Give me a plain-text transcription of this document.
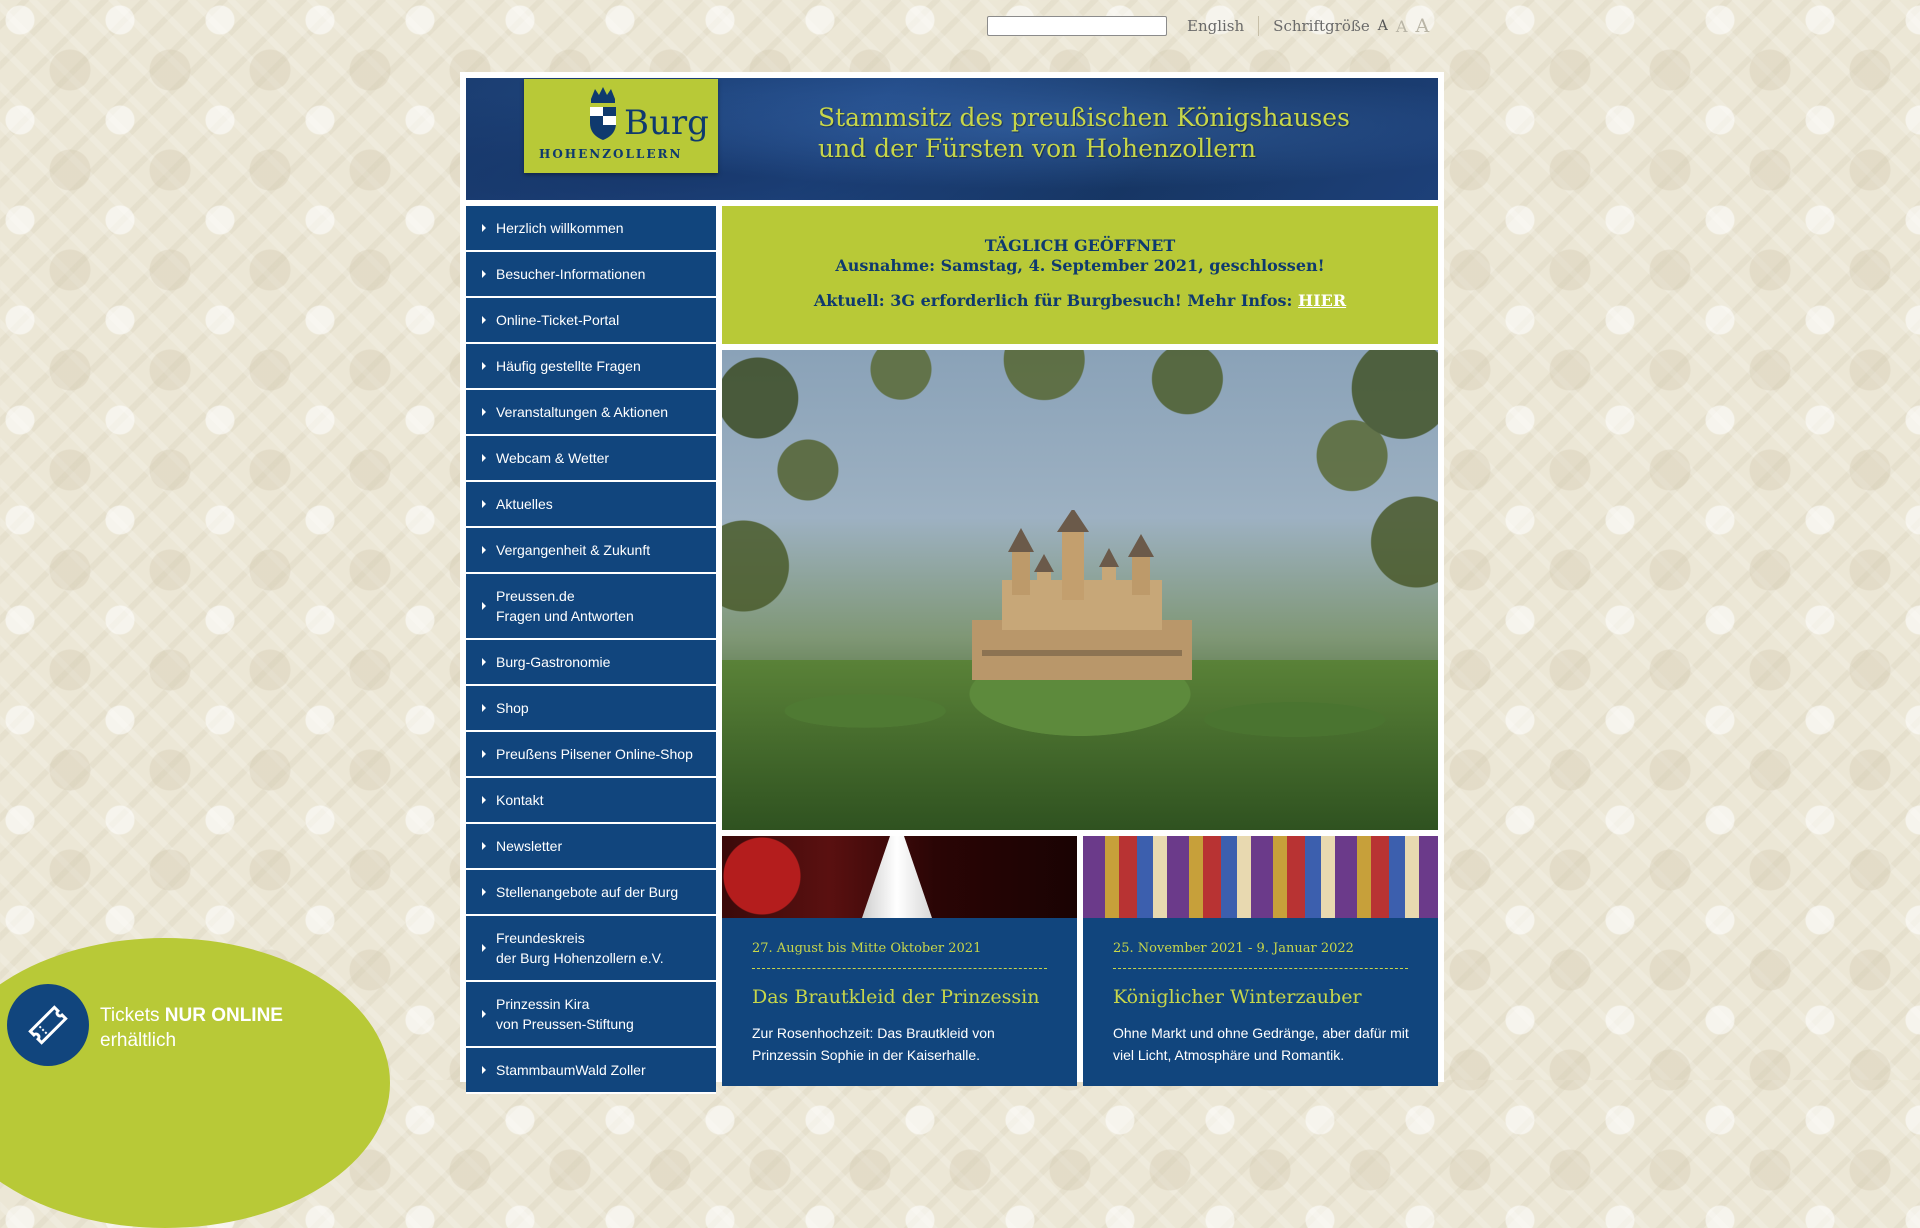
English Schriftgröße A A A
Burg
HOHENZOLLERN
Stammsitz des preußischen Königshauses
und der Fürsten von Hohenzollern
Herzlich willkommen
Besucher-Informationen
Online-Ticket-Portal
Häufig gestellte Fragen
Veranstaltungen & Aktionen
Webcam & Wetter
Aktuelles
Vergangenheit & Zukunft
Preussen.de
Fragen und Antworten
Burg-Gastronomie
Shop
Preußens Pilsener Online-Shop
Kontakt
Newsletter
Stellenangebote auf der Burg
Freundeskreis
der Burg Hohenzollern e.V.
Prinzessin Kira
von Preussen-Stiftung
StammbaumWald Zoller
TÄGLICH GEÖFFNET
Ausnahme: Samstag, 4. September 2021, geschlossen!
Aktuell: 3G erforderlich für Burgbesuch! Mehr Infos: HIER
27. August bis Mitte Oktober 2021
Das Brautkleid der Prinzessin
Zur Rosenhochzeit: Das Brautkleid von Prinzessin Sophie in der Kaiserhalle.
25. November 2021 - 9. Januar 2022
Königlicher Winterzauber
Ohne Markt und ohne Gedränge, aber dafür mit viel Licht, Atmosphäre und Romantik.
Tickets NUR ONLINE
erhältlich
